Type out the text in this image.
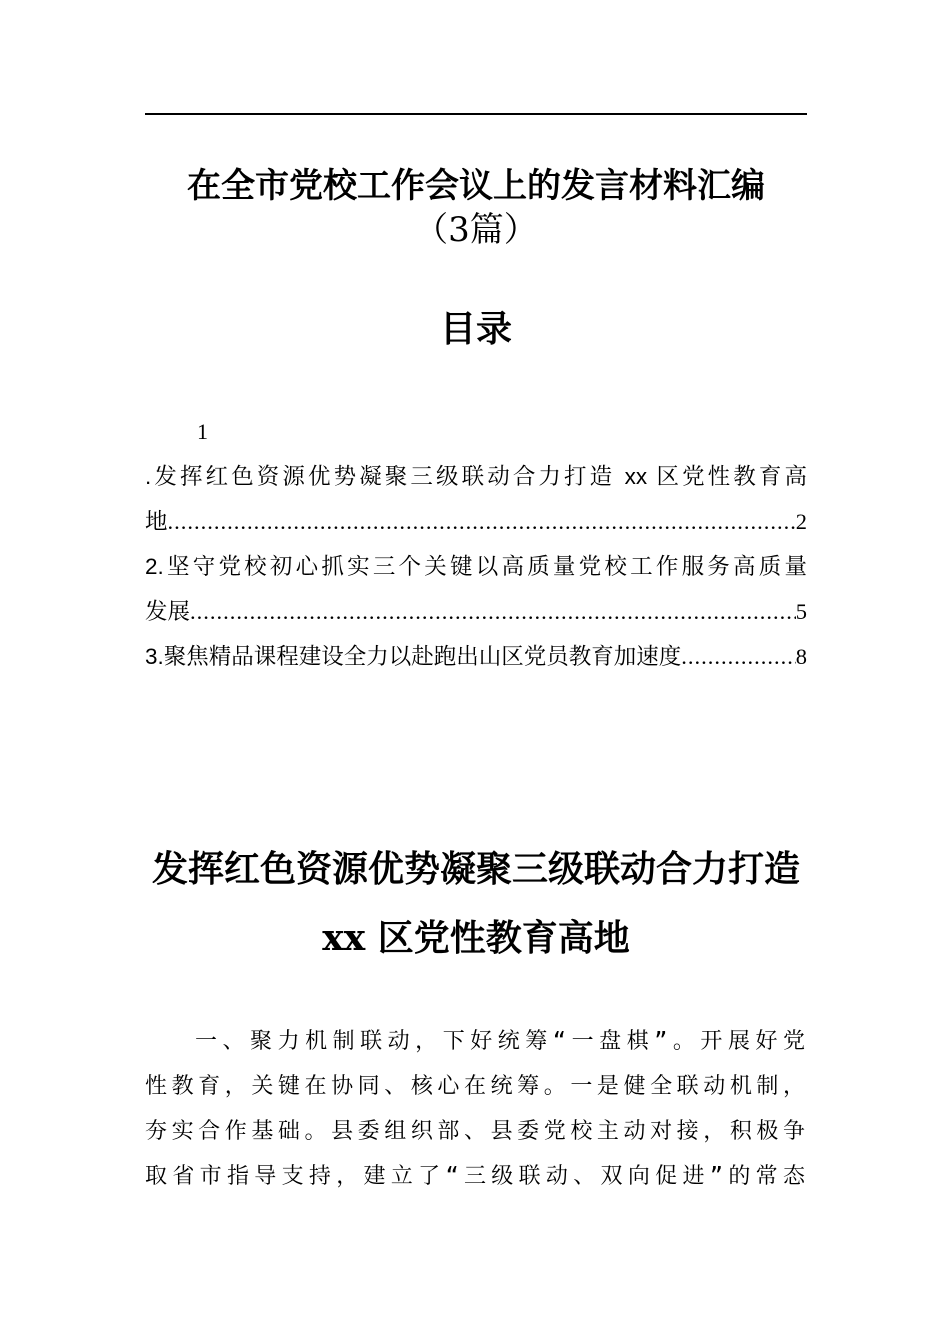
在全市党校工作会议上的发言材料汇编
（3篇）
目录
1
.发挥红色资源优势凝聚三级联动合力打造 xx 区党性教育高
地 .....	2
2.坚守党校初心抓实三个关键以高质量党校工作服务高质量
发展 .....	5
3.聚焦精品课程建设全力以赴跑出山区党员教育加速度 .....	8
发挥红色资源优势凝聚三级联动合力打造
xx 区党性教育高地

一、聚力机制联动，下好统筹“一盘棋”。开展好党

性教育，关键在协同、核心在统筹。一是健全联动机制，

夯实合作基础。县委组织部、县委党校主动对接，积极争

取省市指导支持，建立了“三级联动、双向促进”的常态
